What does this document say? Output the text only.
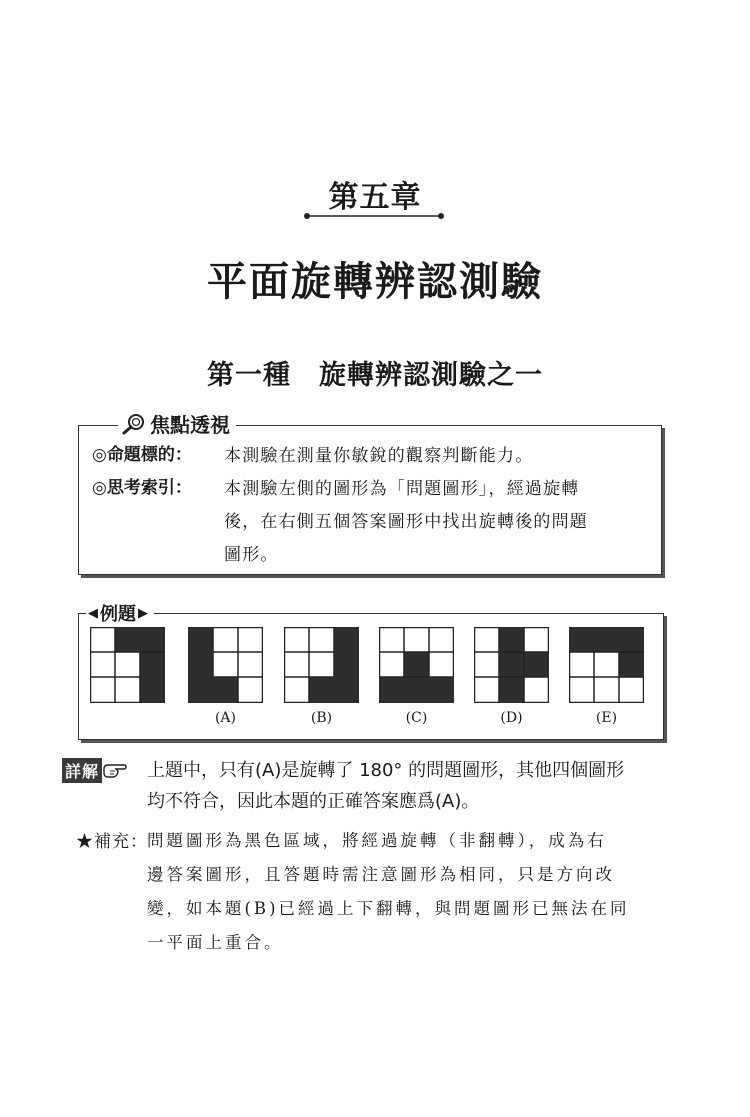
第五章
平面旋轉辨認測驗
第一種　旋轉辨認測驗之一
焦點透視
◎命題標的：	本測驗在測量你敏銳的觀察判斷能力。
◎思考索引：	本測驗左側的圖形為「問題圖形」，經過旋轉
後，在右側五個答案圖形中找出旋轉後的問題
圖形。
◀ 例題 ▶
(A)	(B)	(C)	(D)	(E)
詳解	上題中，只有(A)是旋轉了 180° 的問題圖形，其他四個圖形
均不符合，因此本題的正確答案應爲(A)。
★補充： 問題圖形為黑色區域，將經過旋轉（非翻轉），成為右
邊答案圖形，且答題時需注意圖形為相同，只是方向改
變，如本題(B)已經過上下翻轉，與問題圖形已無法在同
一平面上重合。
